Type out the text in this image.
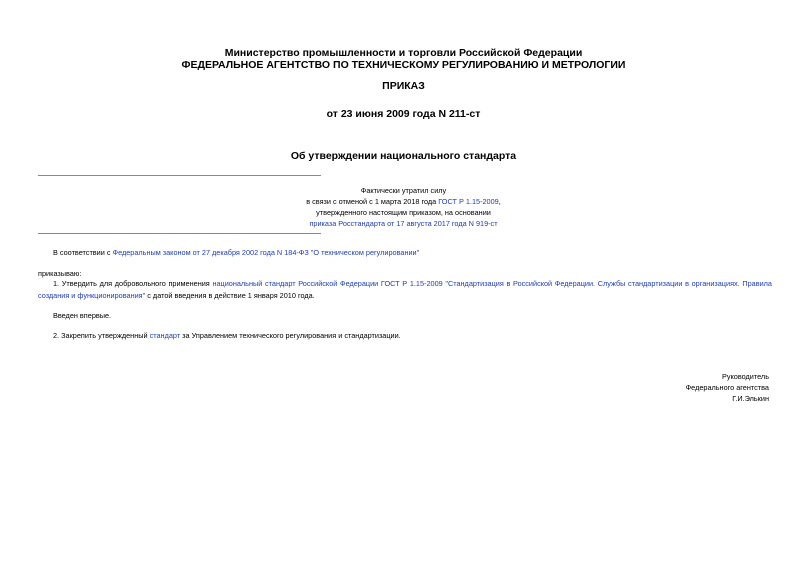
Министерство промышленности и торговли Российской Федерации
ФЕДЕРАЛЬНОЕ АГЕНТСТВО ПО ТЕХНИЧЕСКОМУ РЕГУЛИРОВАНИЮ И МЕТРОЛОГИИ
ПРИКАЗ
от 23 июня 2009 года N 211-ст
Об утверждении национального стандарта
Фактически утратил силу
в связи с отменой с 1 марта 2018 года ГОСТ Р 1.15-2009,
утвержденного настоящим приказом, на основании
приказа Росстандарта от 17 августа 2017 года N 919-ст
В соответствии с Федеральным законом от 27 декабря 2002 года N 184-ФЗ "О техническом регулировании"
приказываю:
1. Утвердить для добровольного применения национальный стандарт Российской Федерации ГОСТ Р 1.15-2009 "Стандартизация в Российской Федерации. Службы стандартизации в организациях. Правила создания и функционирования" с датой введения в действие 1 января 2010 года.
Введен впервые.
2. Закрепить утвержденный стандарт за Управлением технического регулирования и стандартизации.
Руководитель
Федерального агентства
Г.И.Элькин
